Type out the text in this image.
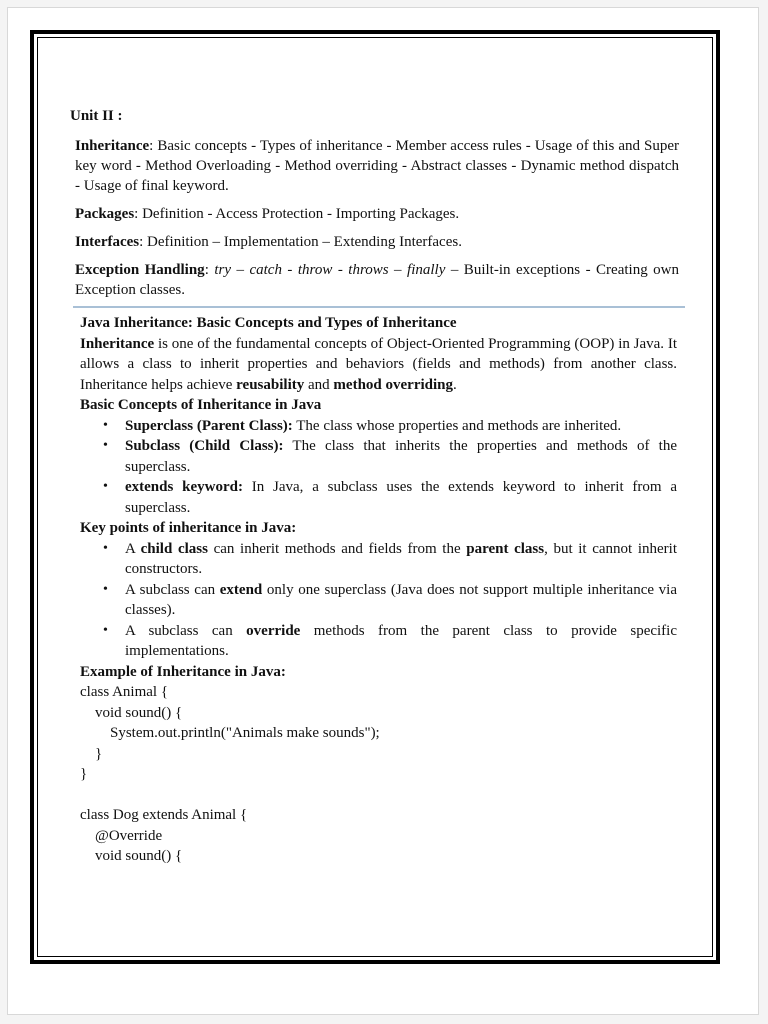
Unit II :

Inheritance: Basic concepts - Types of inheritance - Member access rules - Usage of this and Super key word - Method Overloading - Method overriding - Abstract classes - Dynamic method dispatch - Usage of final keyword.

Packages: Definition - Access Protection - Importing Packages.

Interfaces: Definition – Implementation – Extending Interfaces.

Exception Handling: try – catch - throw - throws – finally – Built-in exceptions - Creating own Exception classes.

Java Inheritance: Basic Concepts and Types of Inheritance

Inheritance is one of the fundamental concepts of Object-Oriented Programming (OOP) in Java. It allows a class to inherit properties and behaviors (fields and methods) from another class. Inheritance helps achieve reusability and method overriding.

Basic Concepts of Inheritance in Java

• Superclass (Parent Class): The class whose properties and methods are inherited.
• Subclass (Child Class): The class that inherits the properties and methods of the superclass.
• extends keyword: In Java, a subclass uses the extends keyword to inherit from a superclass.

Key points of inheritance in Java:

• A child class can inherit methods and fields from the parent class, but it cannot inherit constructors.
• A subclass can extend only one superclass (Java does not support multiple inheritance via classes).
• A subclass can override methods from the parent class to provide specific implementations.

Example of Inheritance in Java:

class Animal {
void sound() {
System.out.println("Animals make sounds");
}
}

class Dog extends Animal {
@Override
void sound() {
